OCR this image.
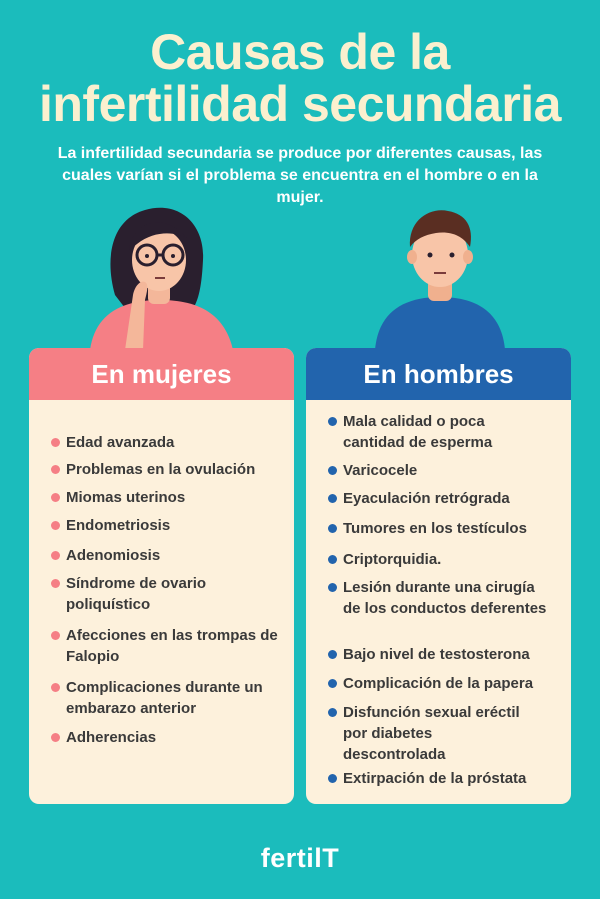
Causas de la
infertilidad secundaria
La infertilidad secundaria se produce por diferentes causas, las cuales varían si el problema se encuentra en el hombre o en la mujer.
En mujeres
Edad avanzada
Problemas en la ovulación
Miomas uterinos
Endometriosis
Adenomiosis
Síndrome de ovario poliquístico
Afecciones en las trompas de Falopio
Complicaciones durante un embarazo anterior
Adherencias
En hombres
Mala calidad o poca cantidad de esperma
Varicocele
Eyaculación retrógrada
Tumores en los testículos
Criptorquidia.
Lesión durante una cirugía de los conductos deferentes
Bajo nivel de testosterona
Complicación de la papera
Disfunción sexual eréctil por diabetes descontrolada
Extirpación de la próstata
fertilT
